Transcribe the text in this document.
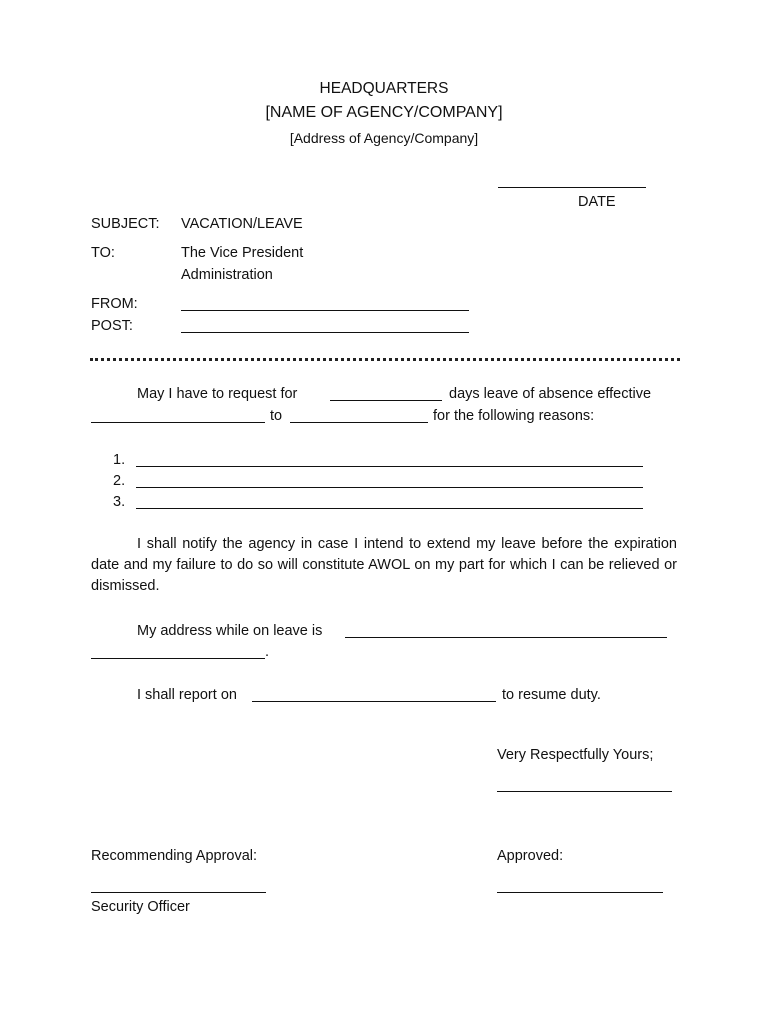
HEADQUARTERS
[NAME OF AGENCY/COMPANY]
[Address of Agency/Company]
DATE
SUBJECT: VACATION/LEAVE
TO:	The Vice President
Administration
FROM:
POST:
May I have to request for	days leave of absence effective
to	for the following reasons:
1.
2.
3.
I shall notify the agency in case I intend to extend my leave before the expiration date and my failure to do so will constitute AWOL on my part for which I can be relieved or dismissed.
My address while on leave is
.
I shall report on	to resume duty.
Very Respectfully Yours;
Recommending Approval:	Approved:
Security Officer
